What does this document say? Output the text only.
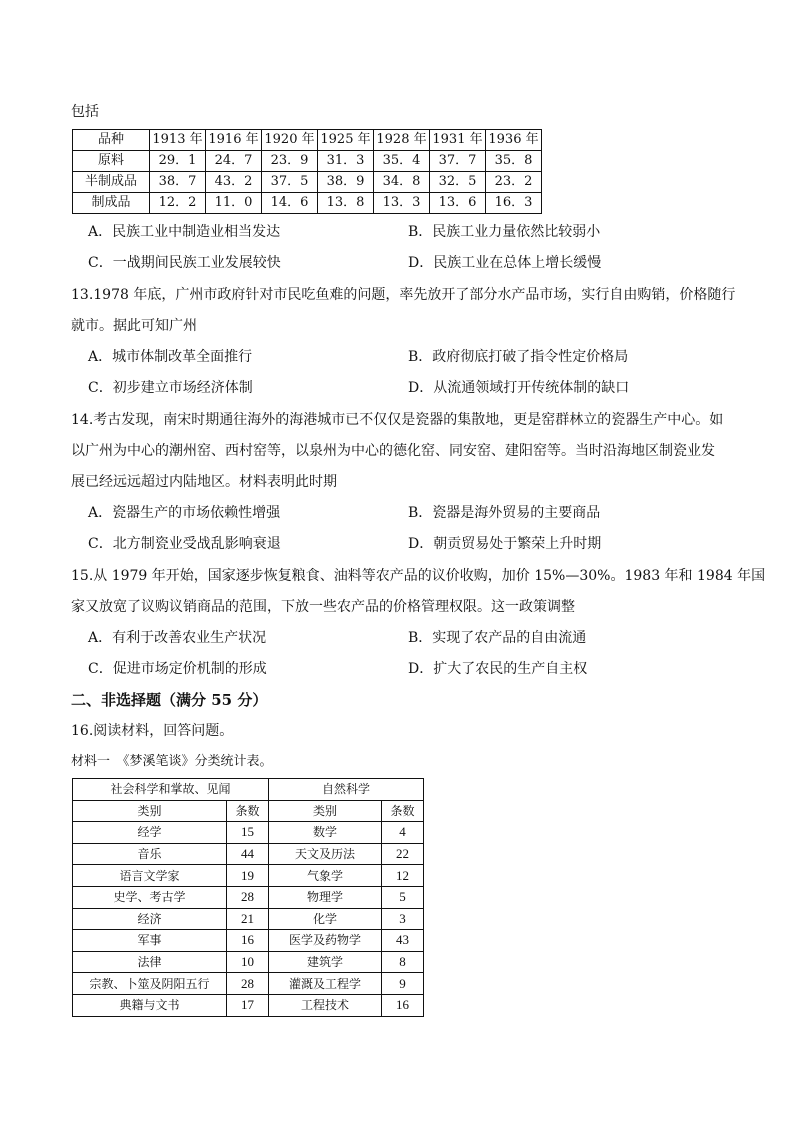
包括
品种	1913 年	1916 年	1920 年	1925 年	1928 年	1931 年	1936 年
原料	29．1	24．7	23．9	31．3	35．4	37．7	35．8
半制成品	38．7	43．2	37．5	38．9	34．8	32．5	23．2
制成品	12．2	11．0	14．6	13．8	13．3	13．6	16．3
A．民族工业中制造业相当发达	B．民族工业力量依然比较弱小
C．一战期间民族工业发展较快	D．民族工业在总体上增长缓慢
13.1978 年底，广州市政府针对市民吃鱼难的问题，率先放开了部分水产品市场，实行自由购销，价格随行
就市。据此可知广州
A．城市体制改革全面推行	B．政府彻底打破了指令性定价格局
C．初步建立市场经济体制	D．从流通领域打开传统体制的缺口
14.考古发现，南宋时期通往海外的海港城市已不仅仅是瓷器的集散地，更是窑群林立的瓷器生产中心。如
以广州为中心的潮州窑、西村窑等，以泉州为中心的德化窑、同安窑、建阳窑等。当时沿海地区制瓷业发
展已经远远超过内陆地区。材料表明此时期
A．瓷器生产的市场依赖性增强	B．瓷器是海外贸易的主要商品
C．北方制瓷业受战乱影响衰退	D．朝贡贸易处于繁荣上升时期
15.从 1979 年开始，国家逐步恢复粮食、油料等农产品的议价收购，加价 15%—30%。1983 年和 1984 年国
家又放宽了议购议销商品的范围，下放一些农产品的价格管理权限。这一政策调整
A．有利于改善农业生产状况	B．实现了农产品的自由流通
C．促进市场定价机制的形成	D．扩大了农民的生产自主权
二、非选择题（满分 55 分）
16.阅读材料，回答问题。
材料一　《梦溪笔谈》分类统计表。
社会科学和掌故、见闻		自然科学	
类别	条数	类别	条数
经学	15	数学	4
音乐	44	天文及历法	22
语言文学家	19	气象学	12
史学、考古学	28	物理学	5
经济	21	化学	3
军事	16	医学及药物学	43
法律	10	建筑学	8
宗教、卜筮及阴阳五行	28	灌溉及工程学	9
典籍与文书	17	工程技术	16
